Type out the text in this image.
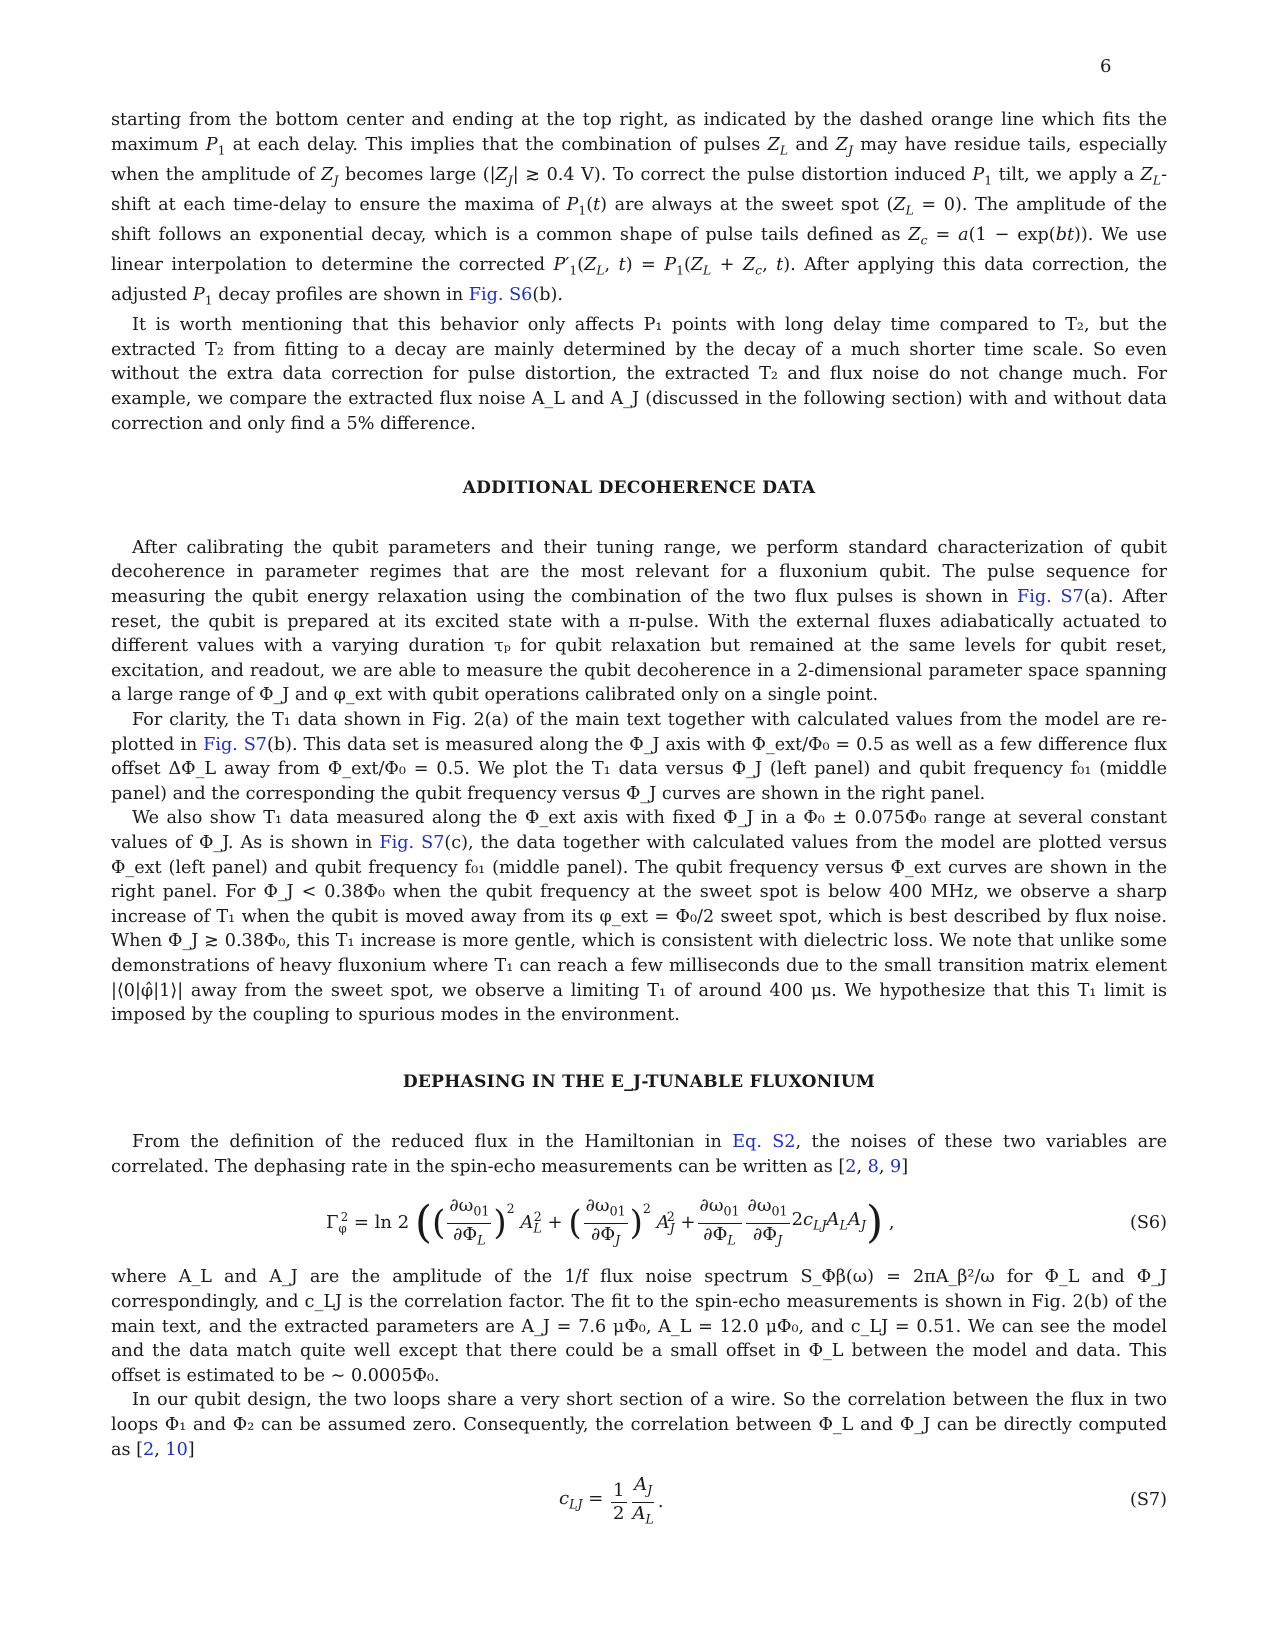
6

starting from the bottom center and ending at the top right, as indicated by the dashed orange line which fits the maximum $P_1$ at each delay. This implies that the combination of pulses $Z_L$ and $Z_J$ may have residue tails, especially when the amplitude of $Z_J$ becomes large ($|Z_J|$ ≳ 0.4 V). To correct the pulse distortion induced $P_1$ tilt, we apply a $Z_L$-shift at each time-delay to ensure the maxima of $P_1(t)$ are always at the sweet spot $(Z_L = 0)$. The amplitude of the shift follows an exponential decay, which is a common shape of pulse tails defined as $Z_c = a(1 - \exp(bt))$. We use linear interpolation to determine the corrected $P'_1(Z_L$, $t) = P_1(Z_L + Z_c$, t). After applying this data correction, the adjusted $P_1$ decay profiles are shown in Fig. S6(b).

It is worth mentioning that this behavior only affects P₁ points with long delay time compared to T₂, but the extracted T₂ from fitting to a decay are mainly determined by the decay of a much shorter time scale. So even without the extra data correction for pulse distortion, the extracted T₂ and flux noise do not change much. For example, we compare the extracted flux noise A_L and A_J (discussed in the following section) with and without data correction and only find a 5% difference.

ADDITIONAL DECOHERENCE DATA

After calibrating the qubit parameters and their tuning range, we perform standard characterization of qubit decoherence in parameter regimes that are the most relevant for a fluxonium qubit. The pulse sequence for measuring the qubit energy relaxation using the combination of the two flux pulses is shown in Fig. S7(a). After reset, the qubit is prepared at its excited state with a π-pulse. With the external fluxes adiabatically actuated to different values with a varying duration τₚ for qubit relaxation but remained at the same levels for qubit reset, excitation, and readout, we are able to measure the qubit decoherence in a 2-dimensional parameter space spanning a large range of Φ_J and φ_ext with qubit operations calibrated only on a single point.

For clarity, the T₁ data shown in Fig. 2(a) of the main text together with calculated values from the model are re-plotted in Fig. S7(b). This data set is measured along the Φ_J axis with Φ_ext/Φ₀ = 0.5 as well as a few difference flux offset ΔΦ_L away from Φ_ext/Φ₀ = 0.5. We plot the T₁ data versus Φ_J (left panel) and qubit frequency f₀₁ (middle panel) and the corresponding the qubit frequency versus Φ_J curves are shown in the right panel.

We also show T₁ data measured along the Φ_ext axis with fixed Φ_J in a Φ₀ ± 0.075Φ₀ range at several constant values of Φ_J. As is shown in Fig. S7(c), the data together with calculated values from the model are plotted versus Φ_ext (left panel) and qubit frequency f₀₁ (middle panel). The qubit frequency versus Φ_ext curves are shown in the right panel. For Φ_J < 0.38Φ₀ when the qubit frequency at the sweet spot is below 400 MHz, we observe a sharp increase of T₁ when the qubit is moved away from its φ_ext = Φ₀/2 sweet spot, which is best described by flux noise. When Φ_J ≳ 0.38Φ₀, this T₁ increase is more gentle, which is consistent with dielectric loss. We note that unlike some demonstrations of heavy fluxonium where T₁ can reach a few milliseconds due to the small transition matrix element |⟨0|φ̂|1⟩| away from the sweet spot, we observe a limiting T₁ of around 400 μs. We hypothesize that this T₁ limit is imposed by the coupling to spurious modes in the environment.

DEPHASING IN THE E_J-TUNABLE FLUXONIUM

From the definition of the reduced flux in the Hamiltonian in Eq. S2, the noises of these two variables are correlated. The dephasing rate in the spin-echo measurements can be written as [2, 8, 9]

$\Gamma_\varphi^2 = \ln 2$ ( ( $\frac{\partial\omega_{01}}{\partial\Phi_L} )^2$
$A_L^2$ + ( $\frac{\partial\omega_{01}}{\partial\Phi_J} )^2$
$A_J^2 + \frac{\partial\omega_{01}}{\partial\Phi_L} \frac{\partial\omega_{01}}{\partial\Phi_J} 2c_{LJ}A_LA_J$ ) ,	(S6)

where A_L and A_J are the amplitude of the 1/f flux noise spectrum S_Φβ(ω) = 2πA_β²/ω for Φ_L and Φ_J correspondingly, and c_LJ is the correlation factor. The fit to the spin-echo measurements is shown in Fig. 2(b) of the main text, and the extracted parameters are A_J = 7.6 μΦ₀, A_L = 12.0 μΦ₀, and c_LJ = 0.51. We can see the model and the data match quite well except that there could be a small offset in Φ_L between the model and data. This offset is estimated to be ∼ 0.0005Φ₀.

In our qubit design, the two loops share a very short section of a wire. So the correlation between the flux in two loops Φ₁ and Φ₂ can be assumed zero. Consequently, the correlation between Φ_L and Φ_J can be directly computed as [2, 10]

$c_{LJ} = \frac{1}{2} \frac{A_J}{A_L}$ .	(S7)
